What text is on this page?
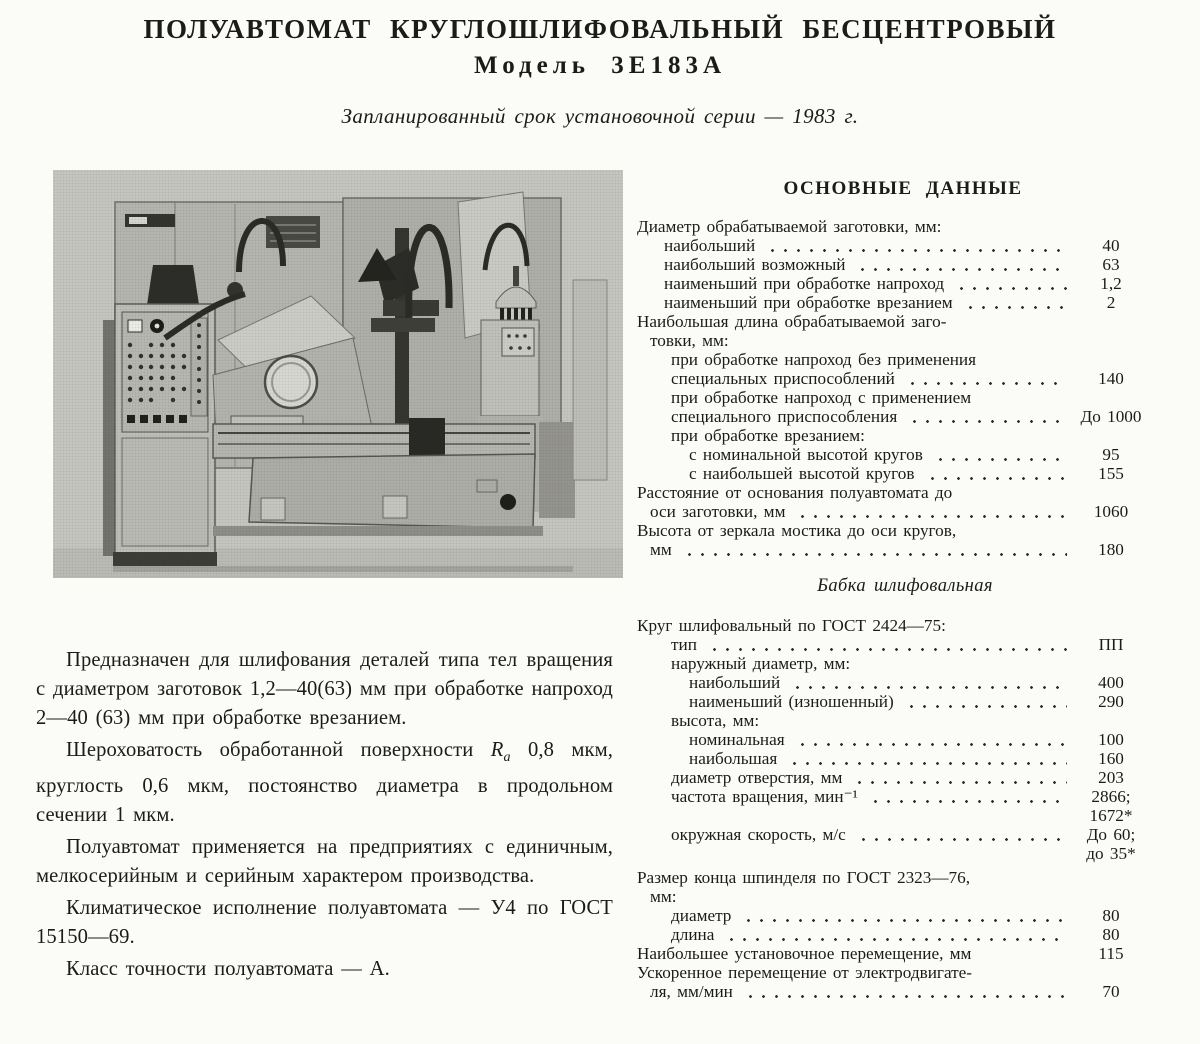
ПОЛУАВТОМАТ КРУГЛОШЛИФОВАЛЬНЫЙ БЕСЦЕНТРОВЫЙ
Модель 3Е183А
Запланированный срок установочной серии — 1983 г.
ОСНОВНЫЕ ДАННЫЕ
Диаметр обрабатываемой заготовки, мм:
наибольший	40
наибольший возможный	63
наименьший при обработке напроход	1,2
наименьший при обработке врезанием	2
Наибольшая длина обрабатываемой заго-
товки, мм:
при обработке напроход без применения
специальных приспособлений	140
при обработке напроход с применением
специального приспособления	До 1000
при обработке врезанием:
с номинальной высотой кругов	95
с наибольшей высотой кругов	155
Расстояние от основания полуавтомата до
оси заготовки, мм	1060
Высота от зеркала мостика до оси кругов,
мм	180
Бабка шлифовальная
Круг шлифовальный по ГОСТ 2424—75:
тип	ПП
наружный диаметр, мм:
наибольший	400
наименьший (изношенный)	290
высота, мм:
номинальная	100
наибольшая	160
диаметр отверстия, мм	203
частота вращения, мин⁻¹	2866;
1672*
окружная скорость, м/с	До 60;
до 35*
Размер конца шпинделя по ГОСТ 2323—76,
мм:
диаметр	80
длина	80
Наибольшее установочное перемещение, мм	115
Ускоренное перемещение от электродвигате-
ля, мм/мин	70

Предназначен для шлифования деталей типа тел вращения с диаметром заготовок 1,2—40(63) мм при обработке напроход 2—40 (63) мм при обработке врезанием.

Шероховатость обработанной поверхности $R_a$ 0,8 мкм, круглость 0,6 мкм, постоянство диаметра в продольном сечении 1 мкм.

Полуавтомат применяется на предприятиях с единичным, мелкосерийным и серийным характером производства.

Климатическое исполнение полуавтомата — У4 по ГОСТ 15150—69.

Класс точности полуавтомата — А.
